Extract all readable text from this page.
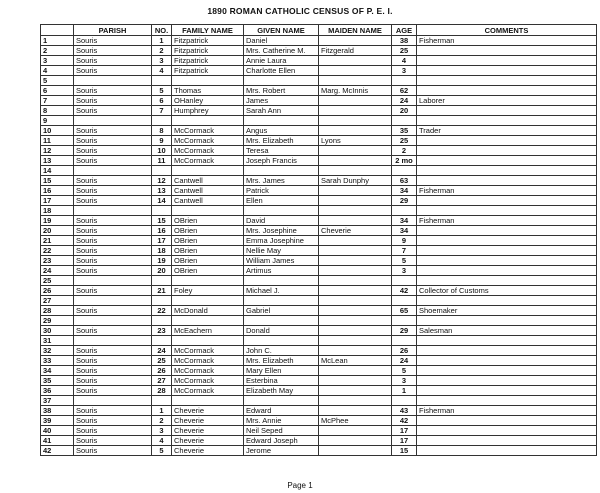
1890 ROMAN CATHOLIC CENSUS OF P. E. I.
	PARISH	NO.	FAMILY NAME	GIVEN NAME	MAIDEN NAME	AGE	COMMENTS
1	Souris	1	Fitzpatrick	Daniel		38	Fisherman
2	Souris	2	Fitzpatrick	Mrs. Catherine M.	Fitzgerald	25	
3	Souris	3	Fitzpatrick	Annie Laura		4	
4	Souris	4	Fitzpatrick	Charlotte Ellen		3	
5							
6	Souris	5	Thomas	Mrs. Robert	Marg. McInnis	62	
7	Souris	6	OHanley	James		24	Laborer
8	Souris	7	Humphrey	Sarah Ann		20	
9							
10	Souris	8	McCormack	Angus		35	Trader
11	Souris	9	McCormack	Mrs. Elizabeth	Lyons	25	
12	Souris	10	McCormack	Teresa		2	
13	Souris	11	McCormack	Joseph Francis		2 mo	
14							
15	Souris	12	Cantwell	Mrs. James	Sarah Dunphy	63	
16	Souris	13	Cantwell	Patrick		34	Fisherman
17	Souris	14	Cantwell	Ellen		29	
18							
19	Souris	15	OBrien	David		34	Fisherman
20	Souris	16	OBrien	Mrs. Josephine	Cheverie	34	
21	Souris	17	OBrien	Emma Josephine		9	
22	Souris	18	OBrien	Nellie May		7	
23	Souris	19	OBrien	William James		5	
24	Souris	20	OBrien	Artimus		3	
25							
26	Souris	21	Foley	Michael J.		42	Collector of Customs
27							
28	Souris	22	McDonald	Gabriel		65	Shoemaker
29							
30	Souris	23	McEachern	Donald		29	Salesman
31							
32	Souris	24	McCormack	John C.		26	
33	Souris	25	McCormack	Mrs. Elizabeth	McLean	24	
34	Souris	26	McCormack	Mary Ellen		5	
35	Souris	27	McCormack	Esterbina		3	
36	Souris	28	McCormack	Elizabeth May		1	
37							
38	Souris	1	Cheverie	Edward		43	Fisherman
39	Souris	2	Cheverie	Mrs. Annie	McPhee	42	
40	Souris	3	Cheverie	Neil Seped		17	
41	Souris	4	Cheverie	Edward Joseph		17	
42	Souris	5	Cheverie	Jerome		15	
Page 1
